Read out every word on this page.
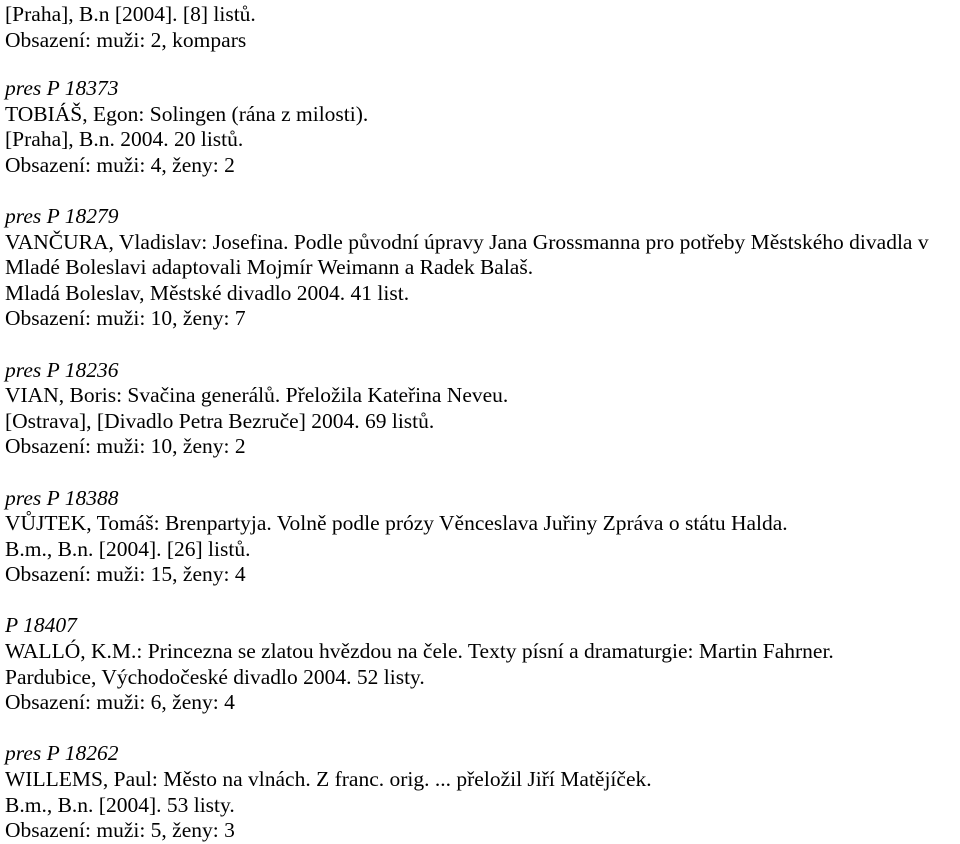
[Praha], B.n [2004]. [8] listů.
Obsazení: muži: 2, kompars
pres P 18373
TOBIÁŠ, Egon: Solingen (rána z milosti).
[Praha], B.n. 2004. 20 listů.
Obsazení: muži: 4, ženy: 2
pres P 18279
VANČURA, Vladislav: Josefina. Podle původní úpravy Jana Grossmanna pro potřeby Městského divadla v
Mladé Boleslavi adaptovali Mojmír Weimann a Radek Balaš.
Mladá Boleslav, Městské divadlo 2004. 41 list.
Obsazení: muži: 10, ženy: 7
pres P 18236
VIAN, Boris: Svačina generálů. Přeložila Kateřina Neveu.
[Ostrava], [Divadlo Petra Bezruče] 2004. 69 listů.
Obsazení: muži: 10, ženy: 2
pres P 18388
VŮJTEK, Tomáš: Brenpartyja. Volně podle prózy Věnceslava Juřiny Zpráva o státu Halda.
B.m., B.n. [2004]. [26] listů.
Obsazení: muži: 15, ženy: 4
P 18407
WALLÓ, K.M.: Princezna se zlatou hvězdou na čele. Texty písní a dramaturgie: Martin Fahrner.
Pardubice, Východočeské divadlo 2004. 52 listy.
Obsazení: muži: 6, ženy: 4
pres P 18262
WILLEMS, Paul: Město na vlnách. Z franc. orig. ... přeložil Jiří Matějíček.
B.m., B.n. [2004]. 53 listy.
Obsazení: muži: 5, ženy: 3
